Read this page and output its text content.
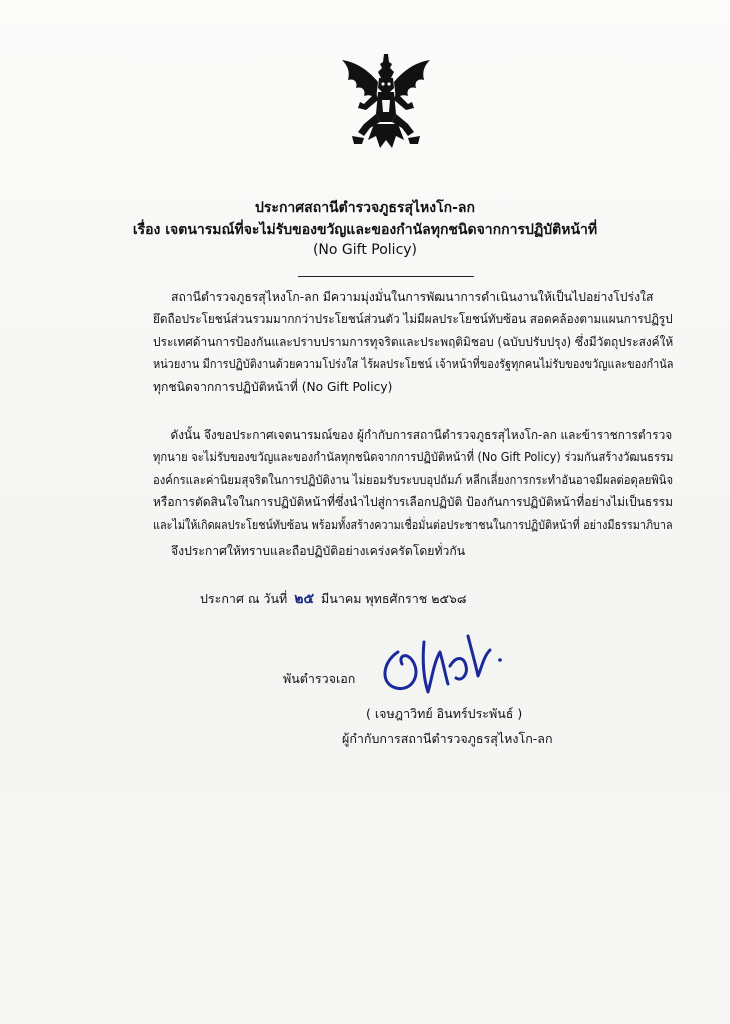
ประกาศสถานีตำรวจภูธรสุไหงโก-ลก
เรื่อง เจตนารมณ์ที่จะไม่รับของขวัญและของกำนัลทุกชนิดจากการปฏิบัติหน้าที่
(No Gift Policy)
สถานีตำรวจภูธรสุไหงโก-ลก มีความมุ่งมั่นในการพัฒนาการดำเนินงานให้เป็นไปอย่างโปร่งใส
ยึดถือประโยชน์ส่วนรวมมากกว่าประโยชน์ส่วนตัว ไม่มีผลประโยชน์ทับซ้อน สอดคล้องตามแผนการปฏิรูป
ประเทศด้านการป้องกันและปราบปรามการทุจริตและประพฤติมิชอบ (ฉบับปรับปรุง) ซึ่งมีวัตถุประสงค์ให้
หน่วยงาน มีการปฏิบัติงานด้วยความโปร่งใส ไร้ผลประโยชน์ เจ้าหน้าที่ของรัฐทุกคนไม่รับของขวัญและของกำนัล
ทุกชนิดจากการปฏิบัติหน้าที่ (No Gift Policy)
ดังนั้น จึงขอประกาศเจตนารมณ์ของ ผู้กำกับการสถานีตำรวจภูธรสุไหงโก-ลก และข้าราชการตำรวจ
ทุกนาย จะไม่รับของขวัญและของกำนัลทุกชนิดจากการปฏิบัติหน้าที่ (No Gift Policy) ร่วมกันสร้างวัฒนธรรม
องค์กรและค่านิยมสุจริตในการปฏิบัติงาน ไม่ยอมรับระบบอุปถัมภ์ หลีกเลี่ยงการกระทำอันอาจมีผลต่อดุลยพินิจ
หรือการตัดสินใจในการปฏิบัติหน้าที่ซึ่งนำไปสู่การเลือกปฏิบัติ ป้องกันการปฏิบัติหน้าที่อย่างไม่เป็นธรรม
และไม่ให้เกิดผลประโยชน์ทับซ้อน พร้อมทั้งสร้างความเชื่อมั่นต่อประชาชนในการปฏิบัติหน้าที่ อย่างมีธรรมาภิบาล
จึงประกาศให้ทราบและถือปฏิบัติอย่างเคร่งครัดโดยทั่วกัน
ประกาศ ณ วันที่ ๒๕ มีนาคม พุทธศักราช ๒๕๖๘
พันตำรวจเอก
( เจษฎาวิทย์ อินทร์ประพันธ์ )
ผู้กำกับการสถานีตำรวจภูธรสุไหงโก-ลก
